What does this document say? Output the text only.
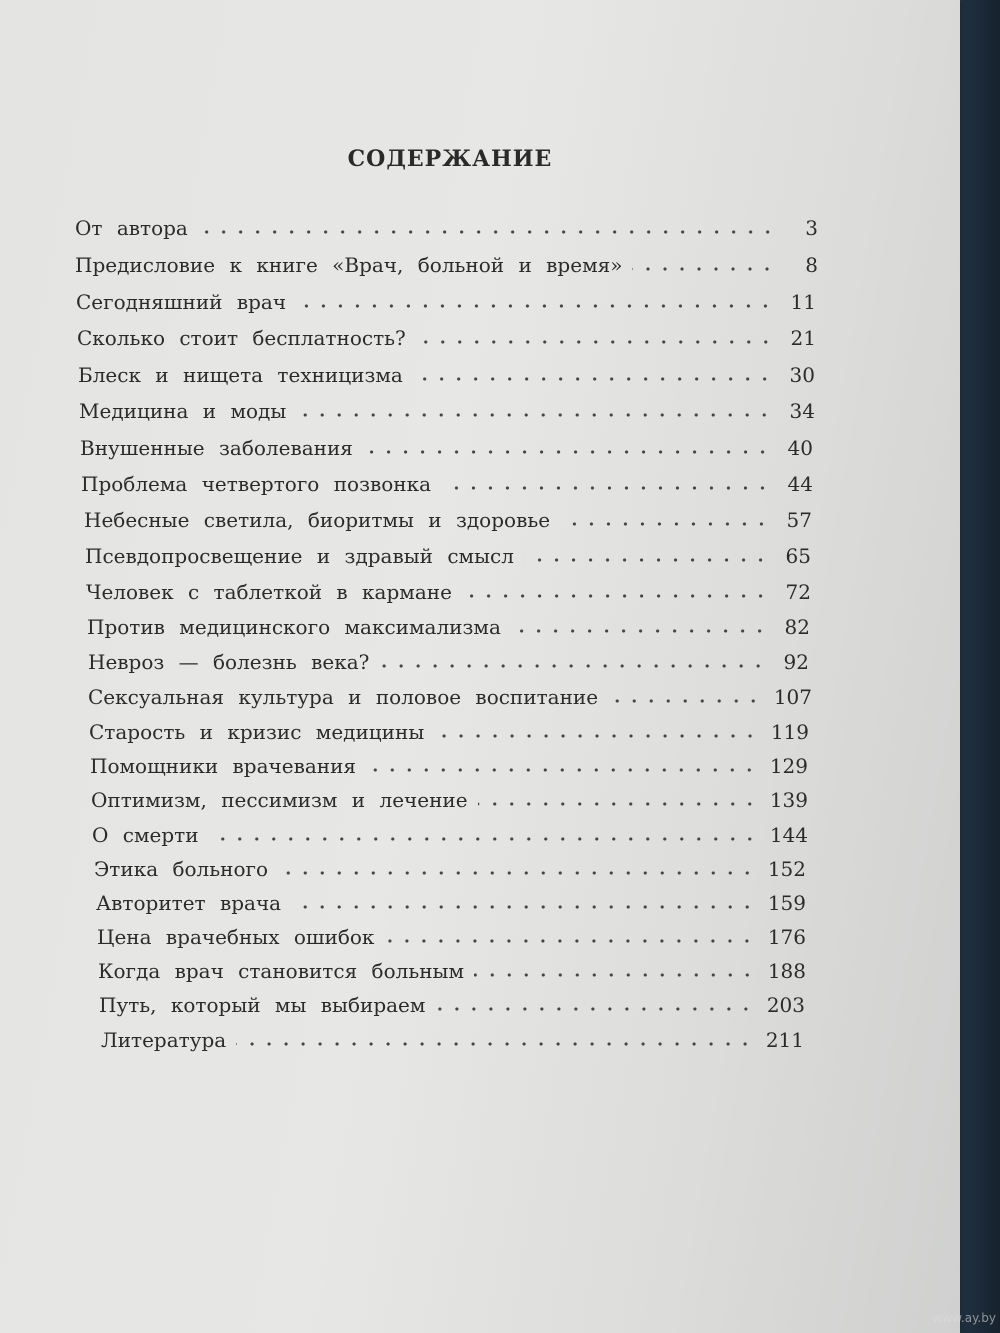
СОДЕРЖАНИЕ
От автора	3
Предисловие к книге «Врач, больной и время»	8
Сегодняшний врач	11
Сколько стоит бесплатность?	21
Блеск и нищета техницизма	30
Медицина и моды	34
Внушенные заболевания	40
Проблема четвертого позвонка	44
Небесные светила, биоритмы и здоровье	57
Псевдопросвещение и здравый смысл	65
Человек с таблеткой в кармане	72
Против медицинского максимализма	82
Невроз — болезнь века?	92
Сексуальная культура и половое воспитание	107
Старость и кризис медицины	119
Помощники врачевания	129
Оптимизм, пессимизм и лечение	139
О смерти	144
Этика больного	152
Авторитет врача	159
Цена врачебных ошибок	176
Когда врач становится больным	188
Путь, который мы выбираем	203
Литература	211
www.ay.by
